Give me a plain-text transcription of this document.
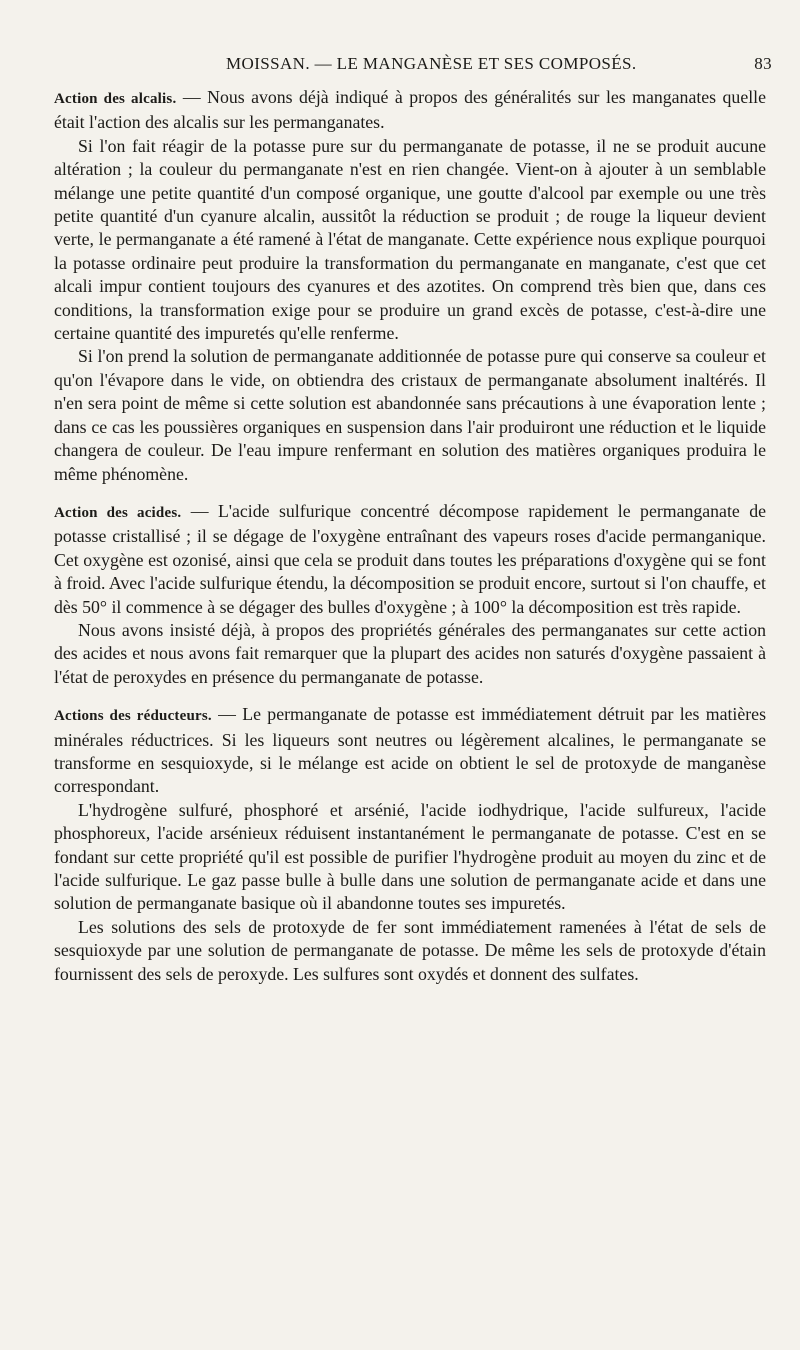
MOISSAN. — LE MANGANÈSE ET SES COMPOSÉS.	83

Action des alcalis. — Nous avons déjà indiqué à propos des généralités sur les manganates quelle était l'action des alcalis sur les permanganates.

Si l'on fait réagir de la potasse pure sur du permanganate de potasse, il ne se produit aucune altération ; la couleur du permanganate n'est en rien changée. Vient-on à ajouter à un semblable mélange une petite quantité d'un composé organique, une goutte d'alcool par exemple ou une très petite quantité d'un cyanure alcalin, aussitôt la réduction se produit ; de rouge la liqueur devient verte, le permanganate a été ramené à l'état de manganate. Cette expérience nous explique pourquoi la potasse ordinaire peut produire la transformation du permanganate en manganate, c'est que cet alcali impur contient toujours des cyanures et des azotites. On comprend très bien que, dans ces conditions, la transformation exige pour se produire un grand excès de potasse, c'est-à-dire une certaine quantité des impuretés qu'elle renferme.

Si l'on prend la solution de permanganate additionnée de potasse pure qui conserve sa couleur et qu'on l'évapore dans le vide, on obtiendra des cristaux de permanganate absolument inaltérés. Il n'en sera point de même si cette solution est abandonnée sans précautions à une évaporation lente ; dans ce cas les poussières organiques en suspension dans l'air produiront une réduction et le liquide changera de couleur. De l'eau impure renfermant en solution des matières organiques produira le même phénomène.

Action des acides. — L'acide sulfurique concentré décompose rapidement le permanganate de potasse cristallisé ; il se dégage de l'oxygène entraînant des vapeurs roses d'acide permanganique. Cet oxygène est ozonisé, ainsi que cela se produit dans toutes les préparations d'oxygène qui se font à froid. Avec l'acide sulfurique étendu, la décomposition se produit encore, surtout si l'on chauffe, et dès 50° il commence à se dégager des bulles d'oxygène ; à 100° la décomposition est très rapide.

Nous avons insisté déjà, à propos des propriétés générales des permanganates sur cette action des acides et nous avons fait remarquer que la plupart des acides non saturés d'oxygène passaient à l'état de peroxydes en présence du permanganate de potasse.

Actions des réducteurs. — Le permanganate de potasse est immédiatement détruit par les matières minérales réductrices. Si les liqueurs sont neutres ou légèrement alcalines, le permanganate se transforme en sesquioxyde, si le mélange est acide on obtient le sel de protoxyde de manganèse correspondant.

L'hydrogène sulfuré, phosphoré et arsénié, l'acide iodhydrique, l'acide sulfureux, l'acide phosphoreux, l'acide arsénieux réduisent instantanément le permanganate de potasse. C'est en se fondant sur cette propriété qu'il est possible de purifier l'hydrogène produit au moyen du zinc et de l'acide sulfurique. Le gaz passe bulle à bulle dans une solution de permanganate acide et dans une solution de permanganate basique où il abandonne toutes ses impuretés.

Les solutions des sels de protoxyde de fer sont immédiatement ramenées à l'état de sels de sesquioxyde par une solution de permanganate de potasse. De même les sels de protoxyde d'étain fournissent des sels de peroxyde. Les sulfures sont oxydés et donnent des sulfates.
